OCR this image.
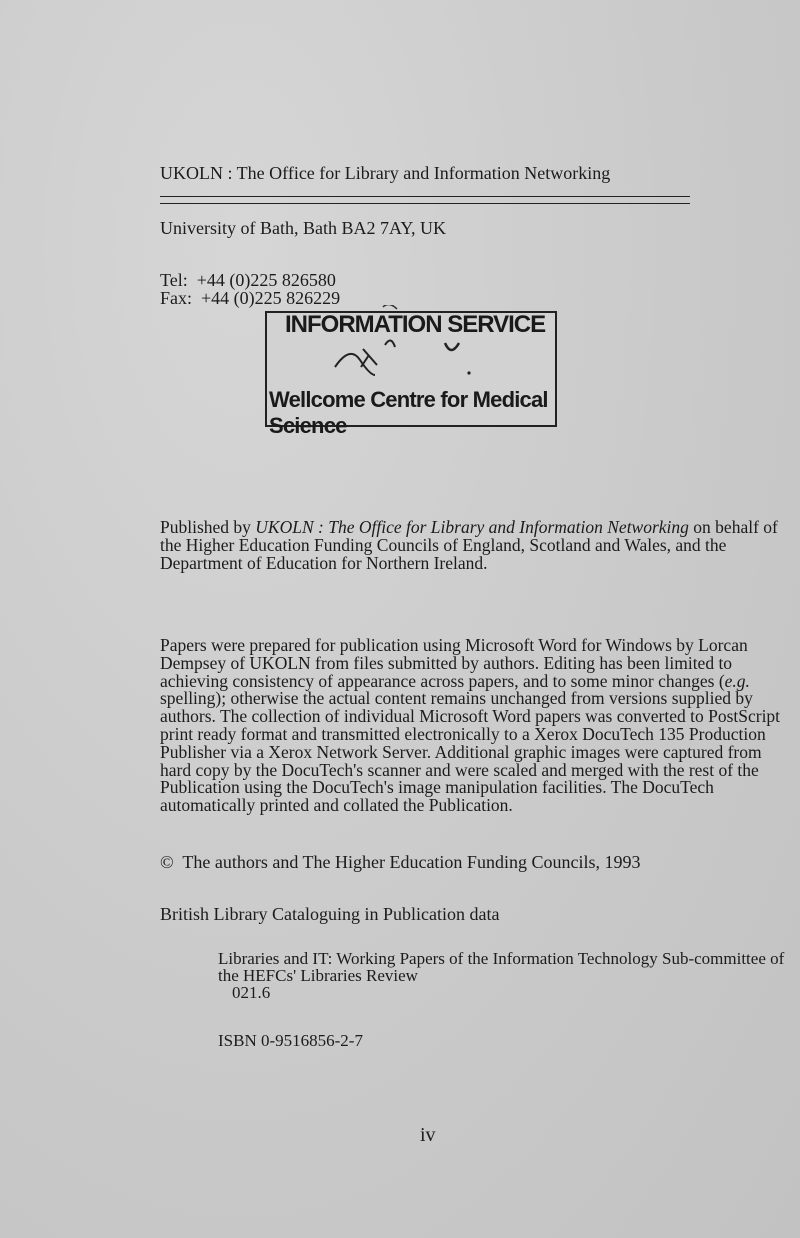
UKOLN : The Office for Library and Information Networking
University of Bath, Bath BA2 7AY, UK
Tel:  +44 (0)225 826580
Fax:  +44 (0)225 826229
INFORMATION SERVICE
Wellcome Centre for Medical Science

Published by UKOLN : The Office for Library and Information Networking on behalf of the Higher Education Funding Councils of England, Scotland and Wales, and the Department of Education for Northern Ireland.

Papers were prepared for publication using Microsoft Word for Windows by Lorcan Dempsey of UKOLN from files submitted by authors. Editing has been limited to achieving consistency of appearance across papers, and to some minor changes (e.g. spelling); otherwise the actual content remains unchanged from versions supplied by authors. The collection of individual Microsoft Word papers was converted to PostScript print ready format and transmitted electronically to a Xerox DocuTech 135 Production Publisher via a Xerox Network Server. Additional graphic images were captured from hard copy by the DocuTech's scanner and were scaled and merged with the rest of the Publication using the DocuTech's image manipulation facilities. The DocuTech automatically printed and collated the Publication.

©  The authors and The Higher Education Funding Councils, 1993
British Library Cataloguing in Publication data
Libraries and IT: Working Papers of the Information Technology Sub-committee of
the HEFCs' Libraries Review
021.6
ISBN 0-9516856-2-7
iv
